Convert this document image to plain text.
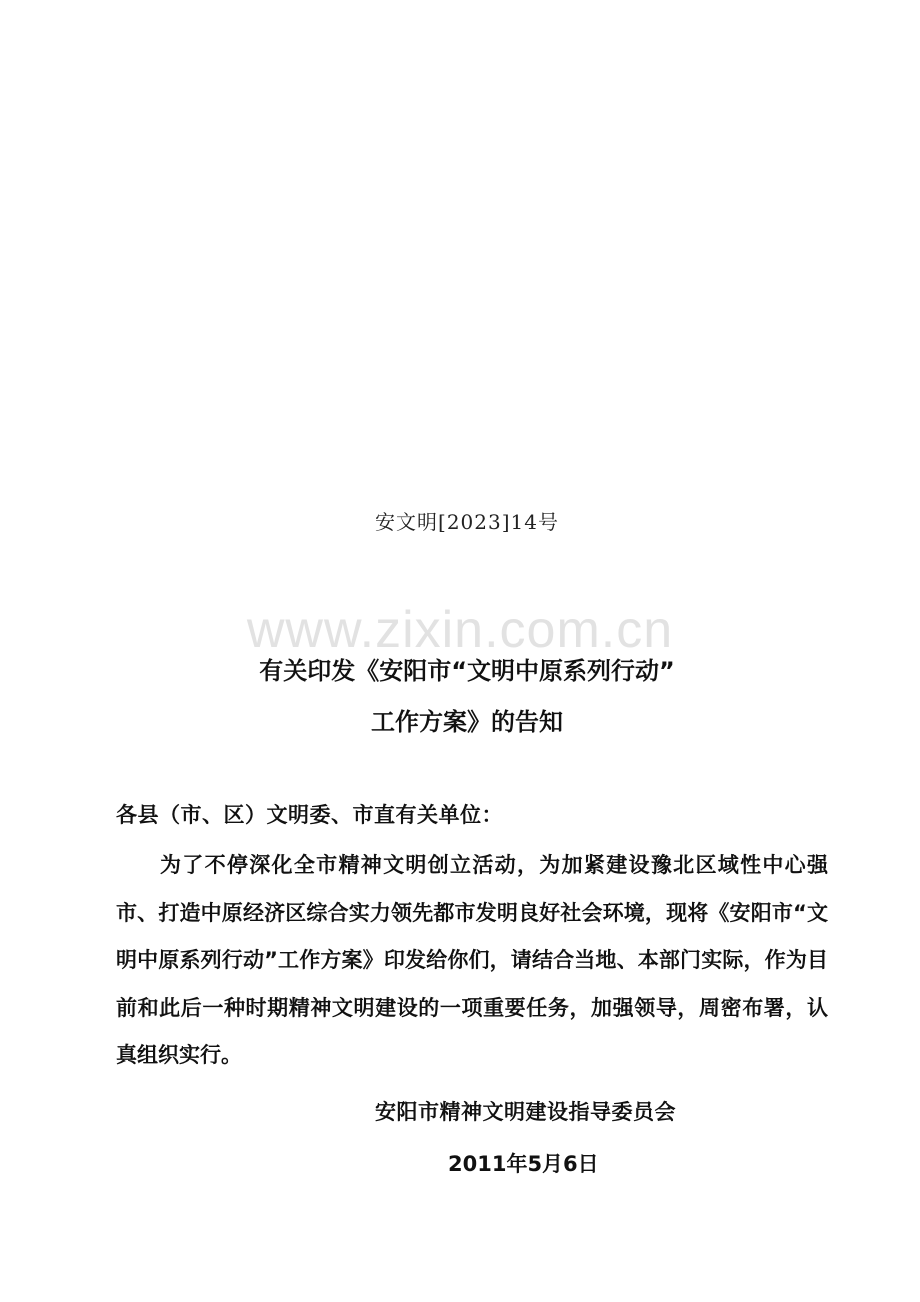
安文明[2023]14号
www.zixin.com.cn
有关印发《安阳市“文明中原系列行动”
工作方案》的告知
各县（市、区）文明委、市直有关单位：
为了不停深化全市精神文明创立活动，为加紧建设豫北区域性中心强市、打造中原经济区综合实力领先都市发明良好社会环境，现将《安阳市“文明中原系列行动”工作方案》印发给你们，请结合当地、本部门实际，作为目前和此后一种时期精神文明建设的一项重要任务，加强领导，周密布署，认真组织实行。
安阳市精神文明建设指导委员会
2011年5月6日
